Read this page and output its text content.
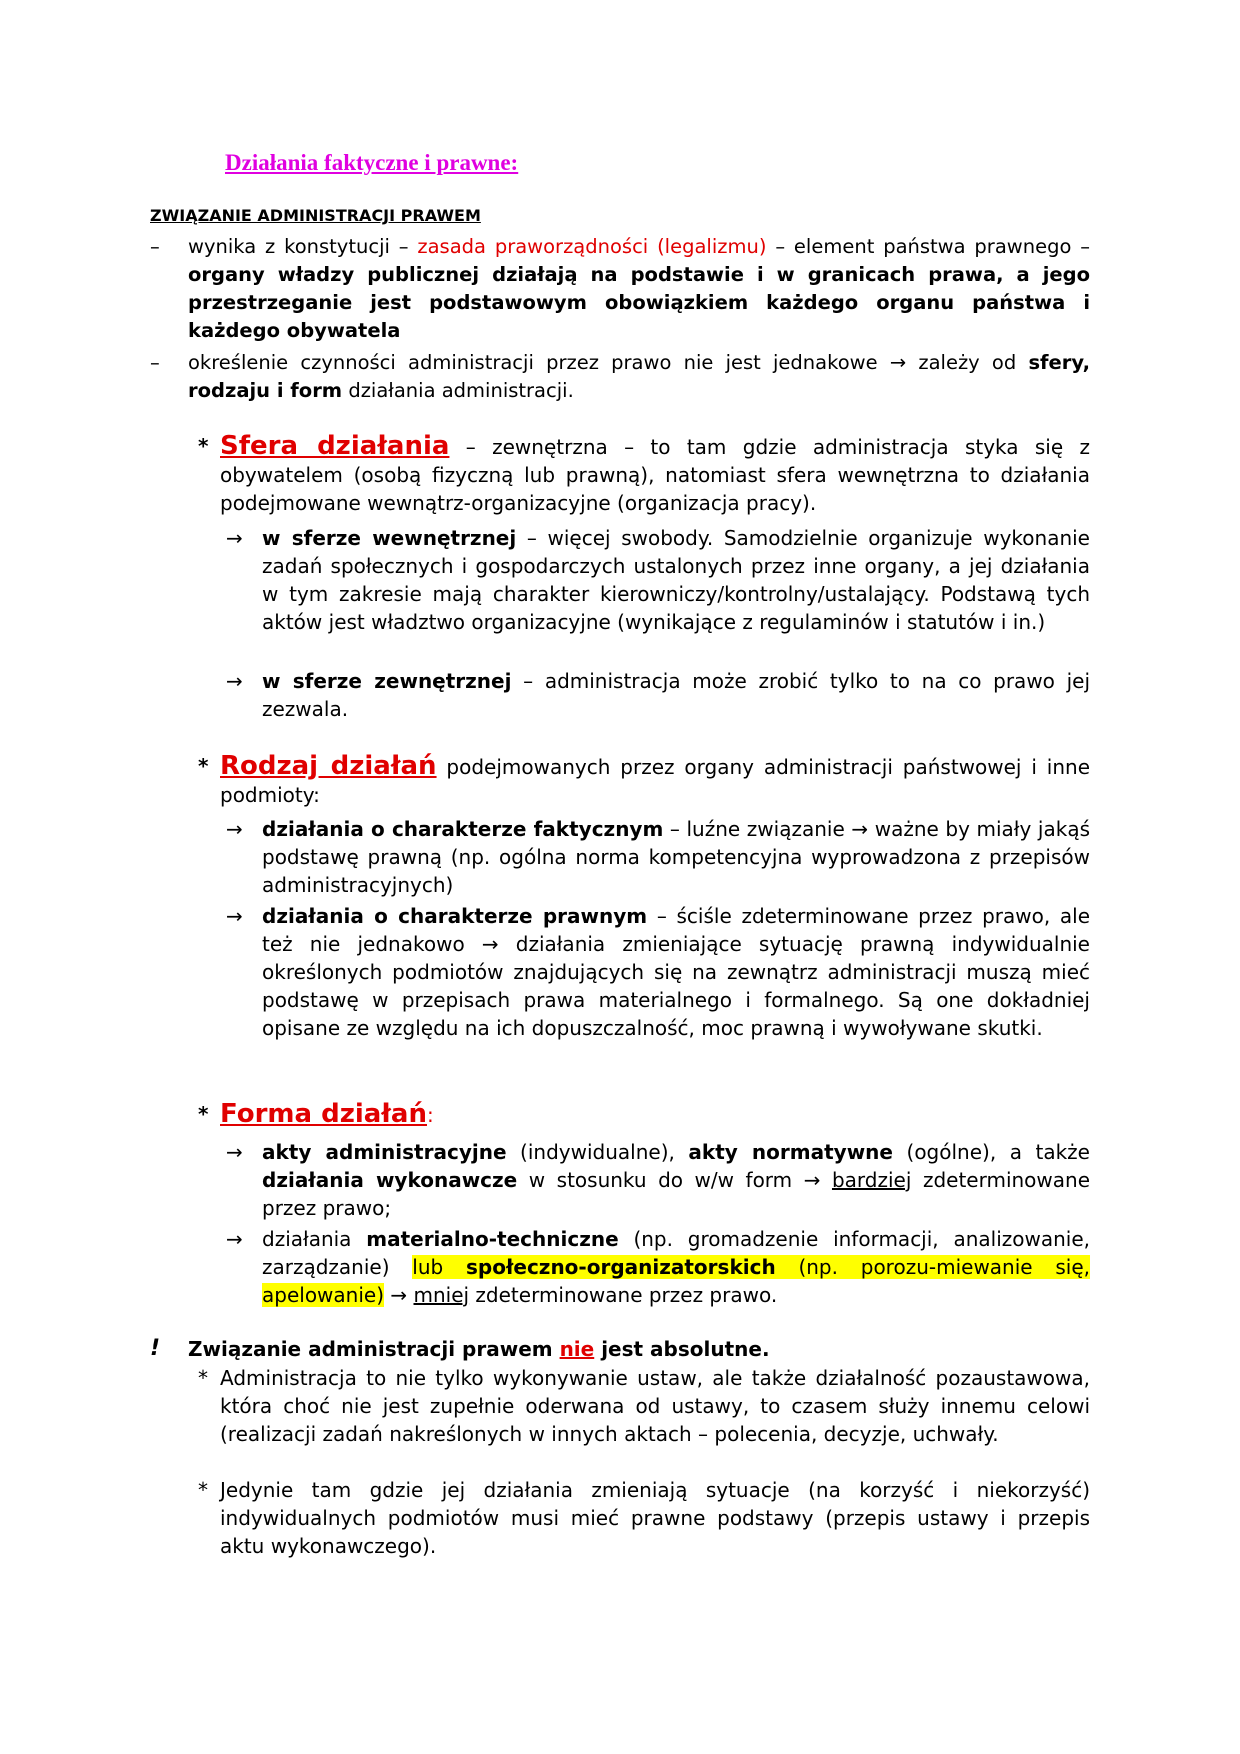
Działania faktyczne i prawne:
ZWIĄZANIE ADMINISTRACJI PRAWEM
–	wynika z konstytucji – zasada praworządności (legalizmu) – element państwa prawnego – organy władzy publicznej działają na podstawie i w granicach prawa, a jego przestrzeganie jest podstawowym obowiązkiem każdego organu państwa i każdego obywatela
–	określenie czynności administracji przez prawo nie jest jednakowe → zależy od sfery, rodzaju i form działania administracji.
* Sfera działania – zewnętrzna – to tam gdzie administracja styka się z obywatelem (osobą fizyczną lub prawną), natomiast sfera wewnętrzna to działania podejmowane wewnątrz-organizacyjne (organizacja pracy).
→ w sferze wewnętrznej – więcej swobody. Samodzielnie organizuje wykonanie zadań społecznych i gospodarczych ustalonych przez inne organy, a jej działania w tym zakresie mają charakter kierowniczy/kontrolny/ustalający. Podstawą tych aktów jest władztwo organizacyjne (wynikające z regulaminów i statutów i in.)
→ w sferze zewnętrznej – administracja może zrobić tylko to na co prawo jej zezwala.
* Rodzaj działań podejmowanych przez organy administracji państwowej i inne podmioty:
→ działania o charakterze faktycznym – luźne związanie → ważne by miały jakąś podstawę prawną (np. ogólna norma kompetencyjna wyprowadzona z przepisów administracyjnych)
→ działania o charakterze prawnym – ściśle zdeterminowane przez prawo, ale też nie jednakowo → działania zmieniające sytuację prawną indywidualnie określonych podmiotów znajdujących się na zewnątrz administracji muszą mieć podstawę w przepisach prawa materialnego i formalnego. Są one dokładniej opisane ze względu na ich dopuszczalność, moc prawną i wywoływane skutki.
* Forma działań:
→ akty administracyjne (indywidualne), akty normatywne (ogólne), a także działania wykonawcze w stosunku do w/w form → bardziej zdeterminowane przez prawo;
→ działania materialno-techniczne (np. gromadzenie informacji, analizowanie, zarządzanie) lub społeczno-organizatorskich (np. porozu-miewanie się, apelowanie) → mniej zdeterminowane przez prawo.
! Związanie administracji prawem nie jest absolutne.
* Administracja to nie tylko wykonywanie ustaw, ale także działalność pozaustawowa, która choć nie jest zupełnie oderwana od ustawy, to czasem służy innemu celowi (realizacji zadań nakreślonych w innych aktach – polecenia, decyzje, uchwały.
* Jedynie tam gdzie jej działania zmieniają sytuacje (na korzyść i niekorzyść) indywidualnych podmiotów musi mieć prawne podstawy (przepis ustawy i przepis aktu wykonawczego).
